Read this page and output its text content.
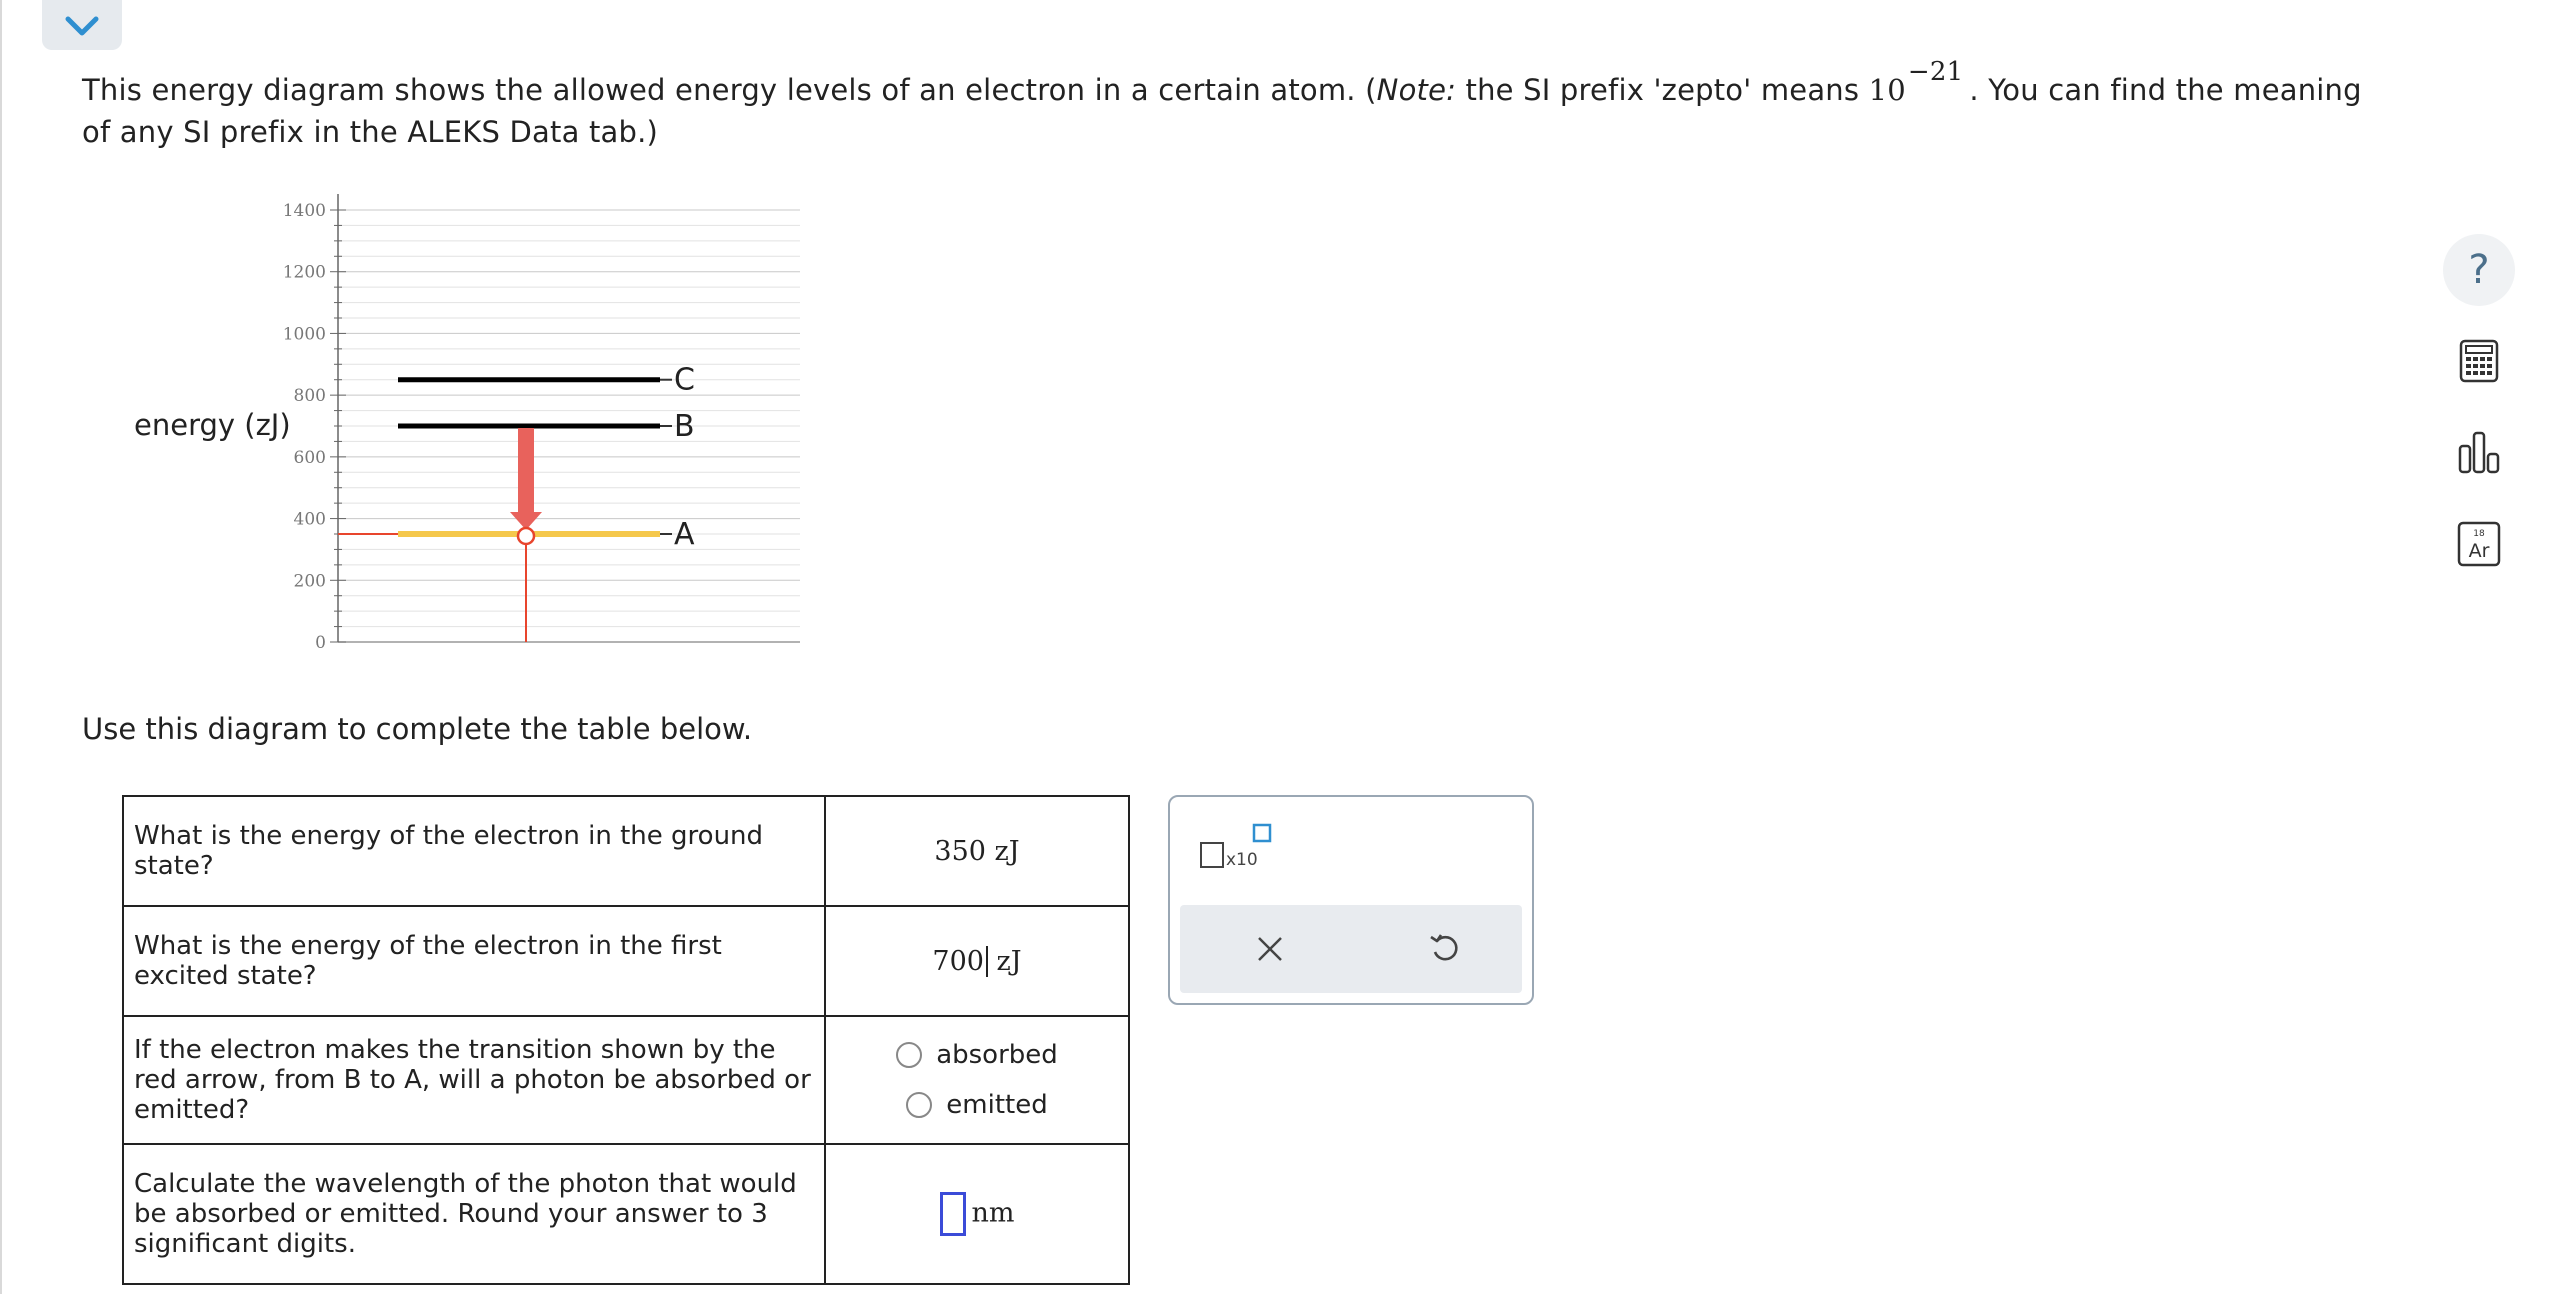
This energy diagram shows the allowed energy levels of an electron in a certain atom. (Note: the SI prefix 'zepto' means 10−21. You can find the meaning of any SI prefix in the ALEKS Data tab.)
energy (zJ)
1400
1200
1000
800
600
400
200
0
C
B
A
Use this diagram to complete the table below.
What is the energy of the electron in the ground state?	350 zJ
What is the energy of the electron in the first excited state?	700 zJ
If the electron makes the transition shown by the red arrow, from B to A, will a photon be absorbed or emitted?	absorbed
emitted

Calculate the wavelength of the photon that would be absorbed or emitted. Round your answer to 3 significant digits.	nm
x10
?
18
Ar
